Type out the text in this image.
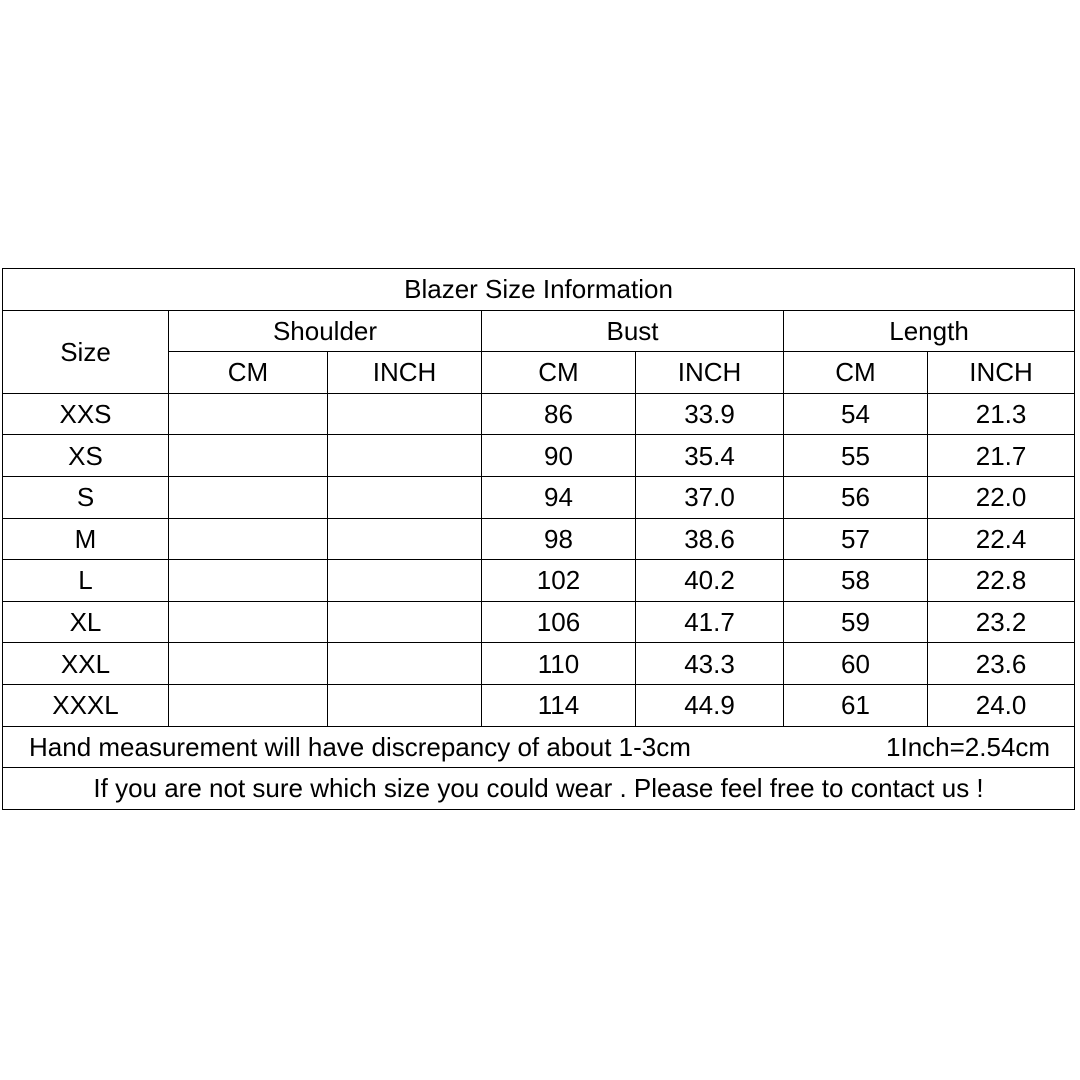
Blazer Size Information						
Size	Shoulder		Bust		Length	
	CM	INCH	CM	INCH	CM	INCH
XXS			86	33.9	54	21.3
XS			90	35.4	55	21.7
S			94	37.0	56	22.0
M			98	38.6	57	22.4
L			102	40.2	58	22.8
XL			106	41.7	59	23.2
XXL			110	43.3	60	23.6
XXXL			114	44.9	61	24.0

Hand measurement will have discrepancy of about 1-3cm 1Inch=2.54cm						

If you are not sure which size you could wear . Please feel free to contact us !						
